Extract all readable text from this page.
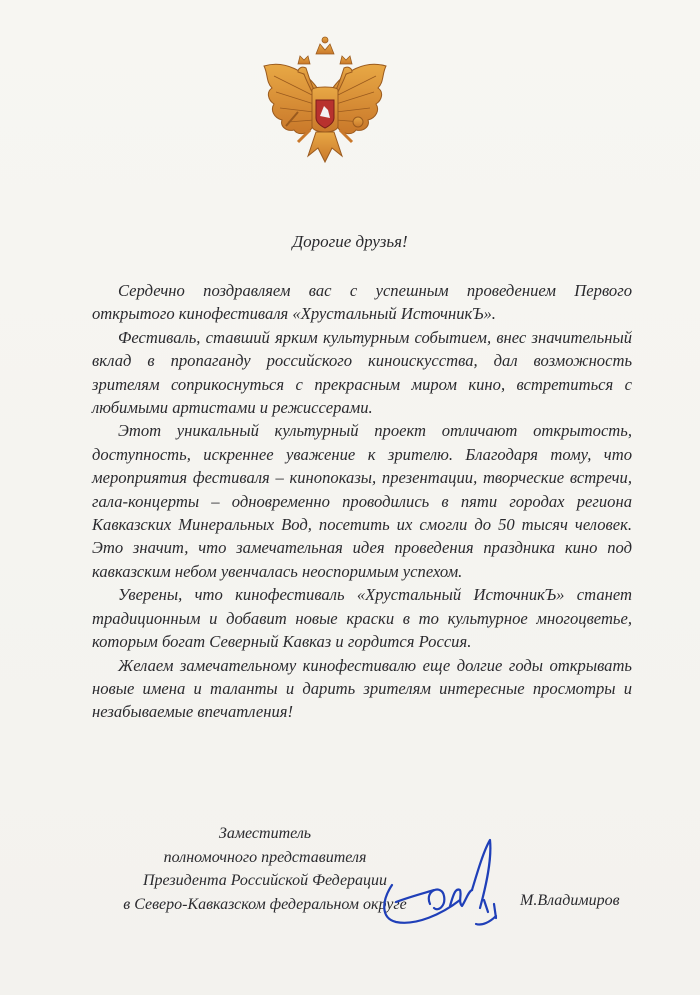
Дорогие друзья!

Сердечно поздравляем вас с успешным проведением Первого открытого кинофестиваля «Хрустальный ИсточникЪ».

Фестиваль, ставший ярким культурным событием, внес значительный вклад в пропаганду российского киноискусства, дал возможность зрителям соприкоснуться с прекрасным миром кино, встретиться с любимыми артистами и режиссерами.

Этот уникальный культурный проект отличают открытость, доступность, искреннее уважение к зрителю. Благодаря тому, что мероприятия фестиваля – кинопоказы, презентации, творческие встречи, гала-концерты – одновременно проводились в пяти городах региона Кавказских Минеральных Вод, посетить их смогли до 50 тысяч человек. Это значит, что замечательная идея проведения праздника кино под кавказским небом увенчалась неоспоримым успехом.

Уверены, что кинофестиваль «Хрустальный ИсточникЪ» станет традиционным и добавит новые краски в то культурное многоцветье, которым богат Северный Кавказ и гордится Россия.

Желаем замечательному кинофестивалю еще долгие годы открывать новые имена и таланты и дарить зрителям интересные просмотры и незабываемые впечатления!

Заместитель
полномочного представителя
Президента Российской Федерации
в Северо-Кавказском федеральном округе	М.Владимиров
